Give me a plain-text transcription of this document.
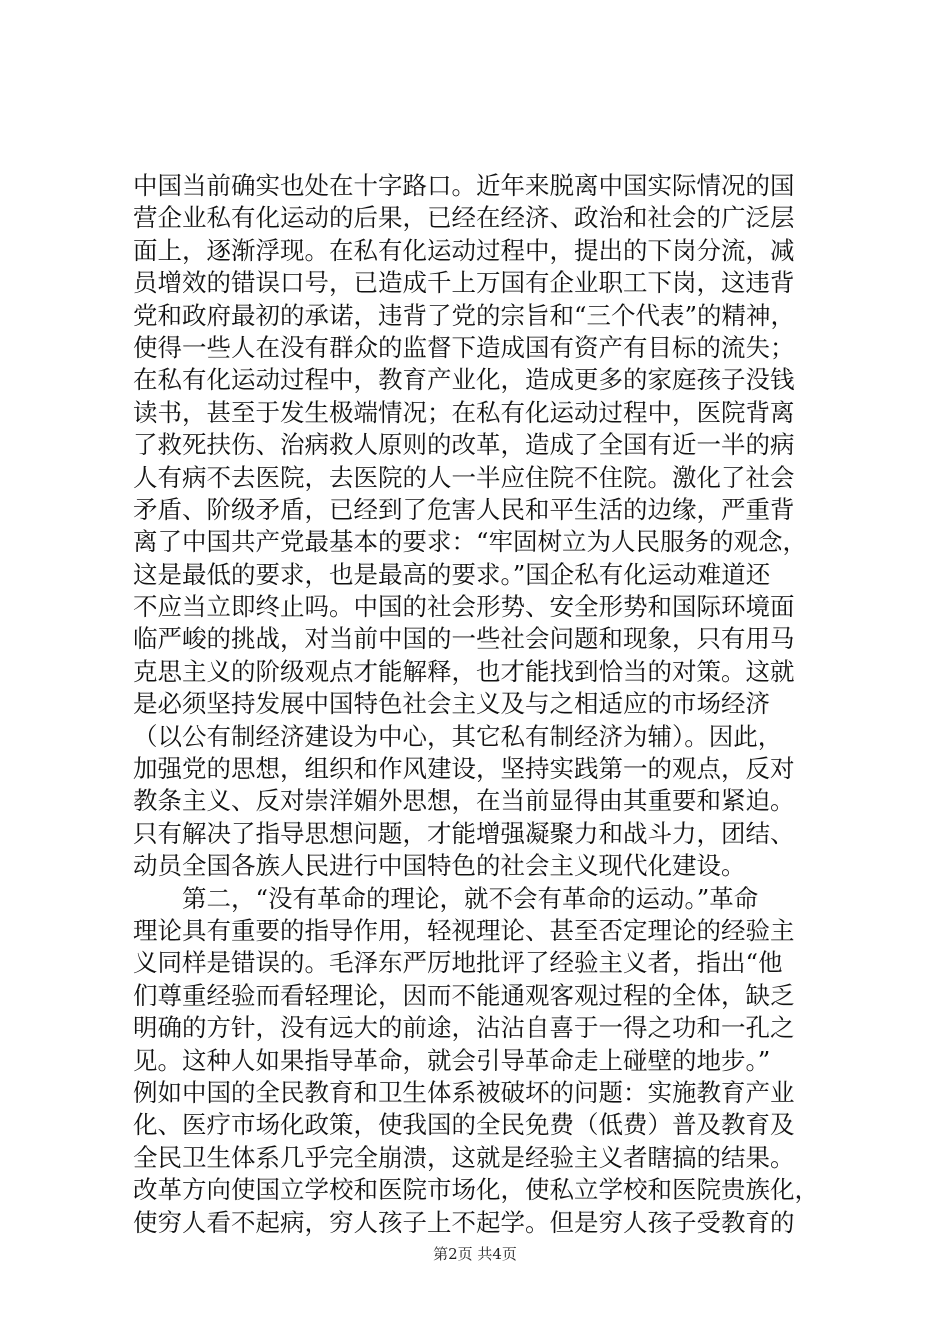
中国当前确实也处在十字路口。近年来脱离中国实际情况的国
营企业私有化运动的后果，已经在经济、政治和社会的广泛层
面上，逐渐浮现。在私有化运动过程中，提出的下岗分流，减
员增效的错误口号，已造成千上万国有企业职工下岗，这违背
党和政府最初的承诺，违背了党的宗旨和“三个代表”的精神，
使得一些人在没有群众的监督下造成国有资产有目标的流失；
在私有化运动过程中，教育产业化，造成更多的家庭孩子没钱
读书，甚至于发生极端情况；在私有化运动过程中，医院背离
了救死扶伤、治病救人原则的改革，造成了全国有近一半的病
人有病不去医院，去医院的人一半应住院不住院。激化了社会
矛盾、阶级矛盾，已经到了危害人民和平生活的边缘，严重背
离了中国共产党最基本的要求：“牢固树立为人民服务的观念，
这是最低的要求，也是最高的要求。”国企私有化运动难道还
不应当立即终止吗。中国的社会形势、安全形势和国际环境面
临严峻的挑战，对当前中国的一些社会问题和现象，只有用马
克思主义的阶级观点才能解释，也才能找到恰当的对策。这就
是必须坚持发展中国特色社会主义及与之相适应的市场经济
（以公有制经济建设为中心，其它私有制经济为辅）。因此，
加强党的思想，组织和作风建设，坚持实践第一的观点，反对
教条主义、反对崇洋媚外思想，在当前显得由其重要和紧迫。
只有解决了指导思想问题，才能增强凝聚力和战斗力，团结、
动员全国各族人民进行中国特色的社会主义现代化建设。
第二，“没有革命的理论，就不会有革命的运动。”革命
理论具有重要的指导作用，轻视理论、甚至否定理论的经验主
义同样是错误的。毛泽东严厉地批评了经验主义者，指出“他
们尊重经验而看轻理论，因而不能通观客观过程的全体，缺乏
明确的方针，没有远大的前途，沾沾自喜于一得之功和一孔之
见。这种人如果指导革命，就会引导革命走上碰壁的地步。”
例如中国的全民教育和卫生体系被破坏的问题：实施教育产业
化、医疗市场化政策，使我国的全民免费（低费）普及教育及
全民卫生体系几乎完全崩溃，这就是经验主义者瞎搞的结果。
改革方向使国立学校和医院市场化，使私立学校和医院贵族化，
使穷人看不起病，穷人孩子上不起学。但是穷人孩子受教育的
第2页 共4页
